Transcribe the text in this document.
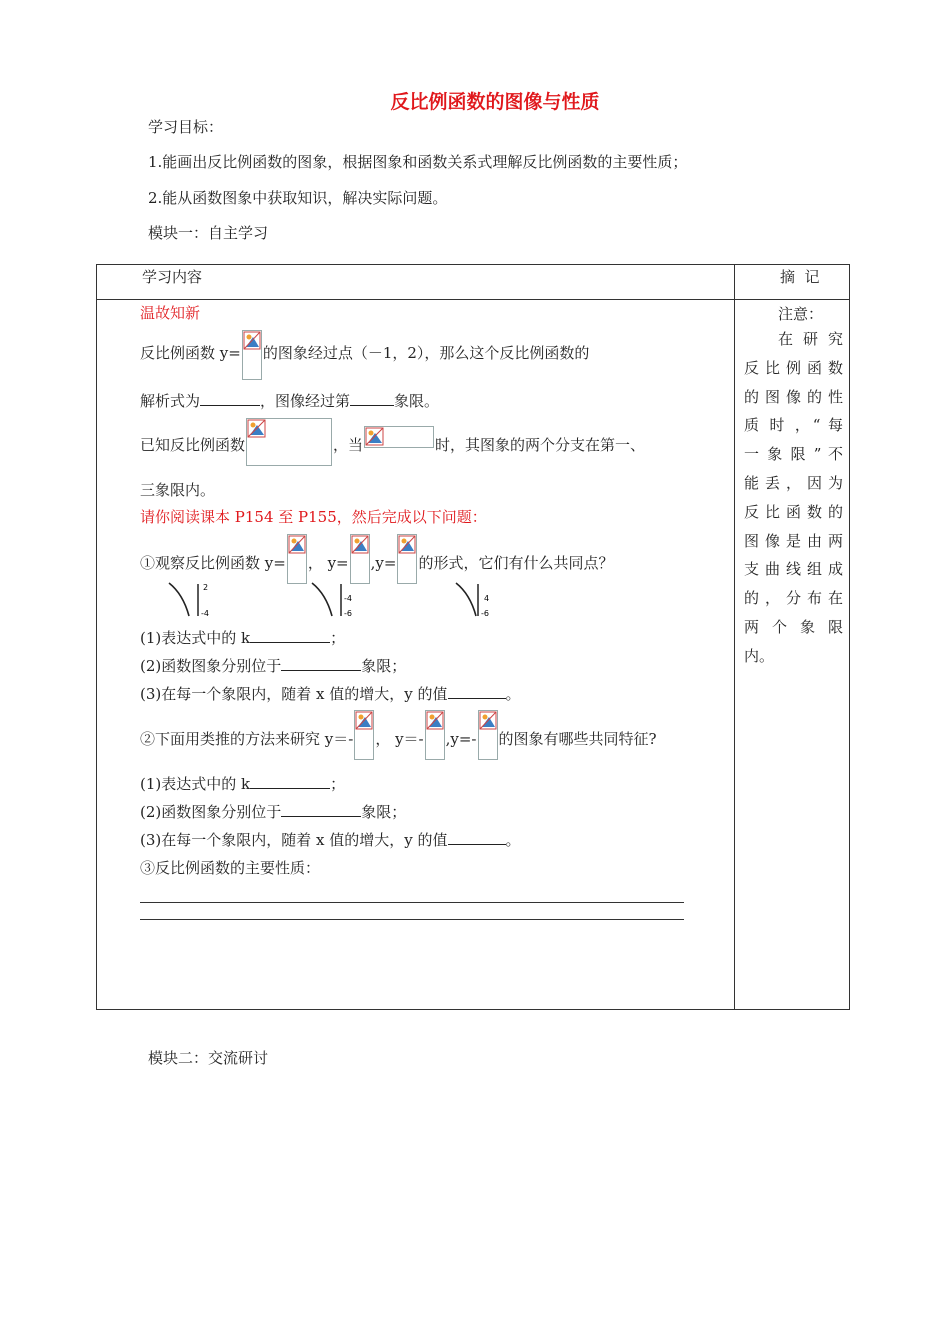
反比例函数的图像与性质
学习目标：
1.能画出反比例函数的图象，根据图象和函数关系式理解反比例函数的主要性质；
2.能从函数图象中获取知识，解决实际问题。
模块一：自主学习
学习内容	摘  记
温故知新
反比例函数 y= 的图象经过点（－1，2），那么这个反比例函数的
解析式为	，图像经过第	象限。
已知反比例函数	，当	时，其图象的两个分支在第一、
三象限内。
请你阅读课本 P154 至 P155，然后完成以下问题：
①观察反比例函数 y= ， y= ,y= 的形式，它们有什么共同点？
2
-4
-4
-6
4
-6
(1)表达式中的 k	；
(2)函数图象分别位于	象限；
(3)在每一个象限内，随着 x 值的增大，y 的值	。
②下面用类推的方法来研究 y＝- ， y＝- ,y=- 的图象有哪些共同特征?
(1)表达式中的 k	；
(2)函数图象分别位于	象限；
(3)在每一个象限内，随着 x 值的增大，y 的值	。
③反比例函数的主要性质：
注意：
在 研 究
反 比 例 函 数
的 图 像 的 性
质 时 ，“ 每
一 象 限 ” 不
能 丢 ， 因 为
反 比 函 数 的
图 像 是 由 两
支 曲 线 组 成
的 ， 分 布 在
两 个 象 限
内。
模块二：交流研讨
